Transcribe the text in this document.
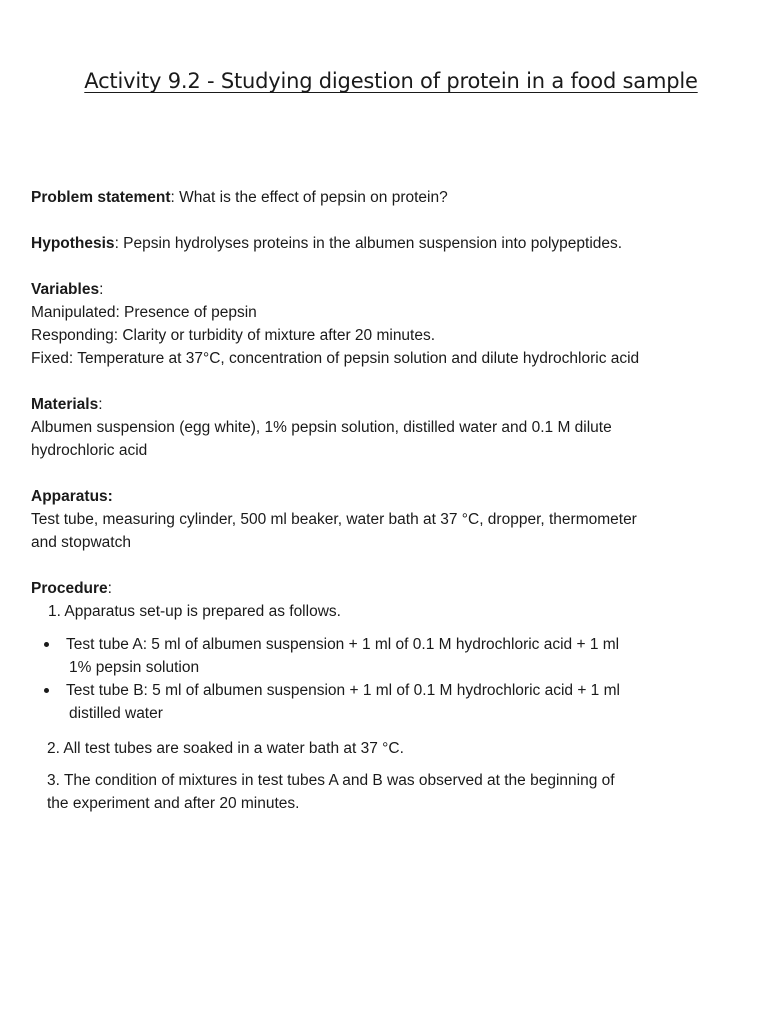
Activity 9.2 - Studying digestion of protein in a food sample

Problem statement: What is the effect of pepsin on protein?

Hypothesis: Pepsin hydrolyses proteins in the albumen suspension into polypeptides.

Variables:
Manipulated: Presence of pepsin
Responding: Clarity or turbidity of mixture after 20 minutes.
Fixed: Temperature at 37°C, concentration of pepsin solution and dilute hydrochloric acid
Materials:
Albumen suspension (egg white), 1% pepsin solution, distilled water and 0.1 M dilute
hydrochloric acid
Apparatus:
Test tube, measuring cylinder, 500 ml beaker, water bath at 37 °C, dropper, thermometer
and stopwatch
Procedure:
1. Apparatus set-up is prepared as follows.
Test tube A: 5 ml of albumen suspension + 1 ml of 0.1 M hydrochloric acid + 1 ml
1% pepsin solution
Test tube B: 5 ml of albumen suspension + 1 ml of 0.1 M hydrochloric acid + 1 ml
distilled water
2. All test tubes are soaked in a water bath at 37 °C.
3. The condition of mixtures in test tubes A and B was observed at the beginning of
the experiment and after 20 minutes.
